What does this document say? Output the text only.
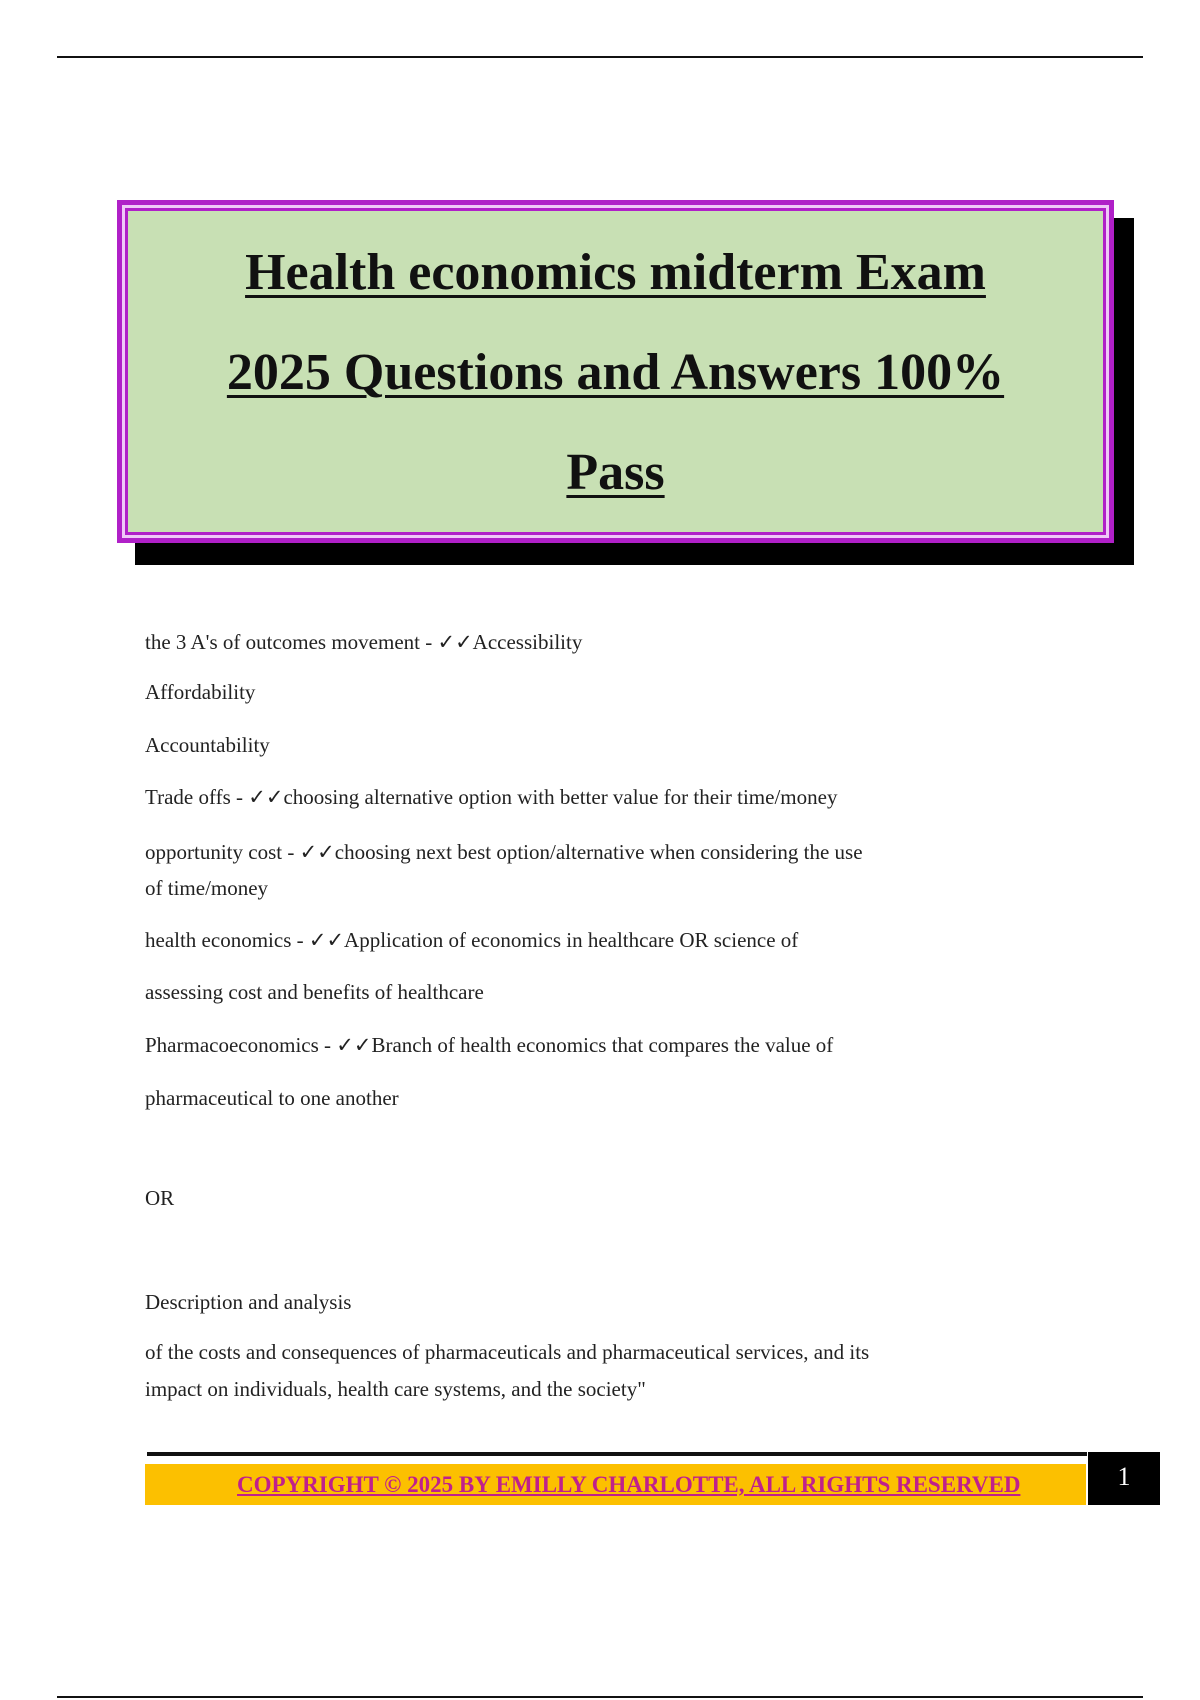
Health economics midterm Exam
2025 Questions and Answers 100%
Pass
the 3 A's of outcomes movement - ✓✓Accessibility
Affordability
Accountability
Trade offs - ✓✓choosing alternative option with better value for their time/money
opportunity cost - ✓✓choosing next best option/alternative when considering the use
of time/money
health economics - ✓✓Application of economics in healthcare OR science of
assessing cost and benefits of healthcare
Pharmacoeconomics - ✓✓Branch of health economics that compares the value of
pharmaceutical to one another
OR
Description and analysis
of the costs and consequences of pharmaceuticals and pharmaceutical services, and its
impact on individuals, health care systems, and the society"
COPYRIGHT © 2025 BY EMILLY CHARLOTTE, ALL RIGHTS RESERVED	1
